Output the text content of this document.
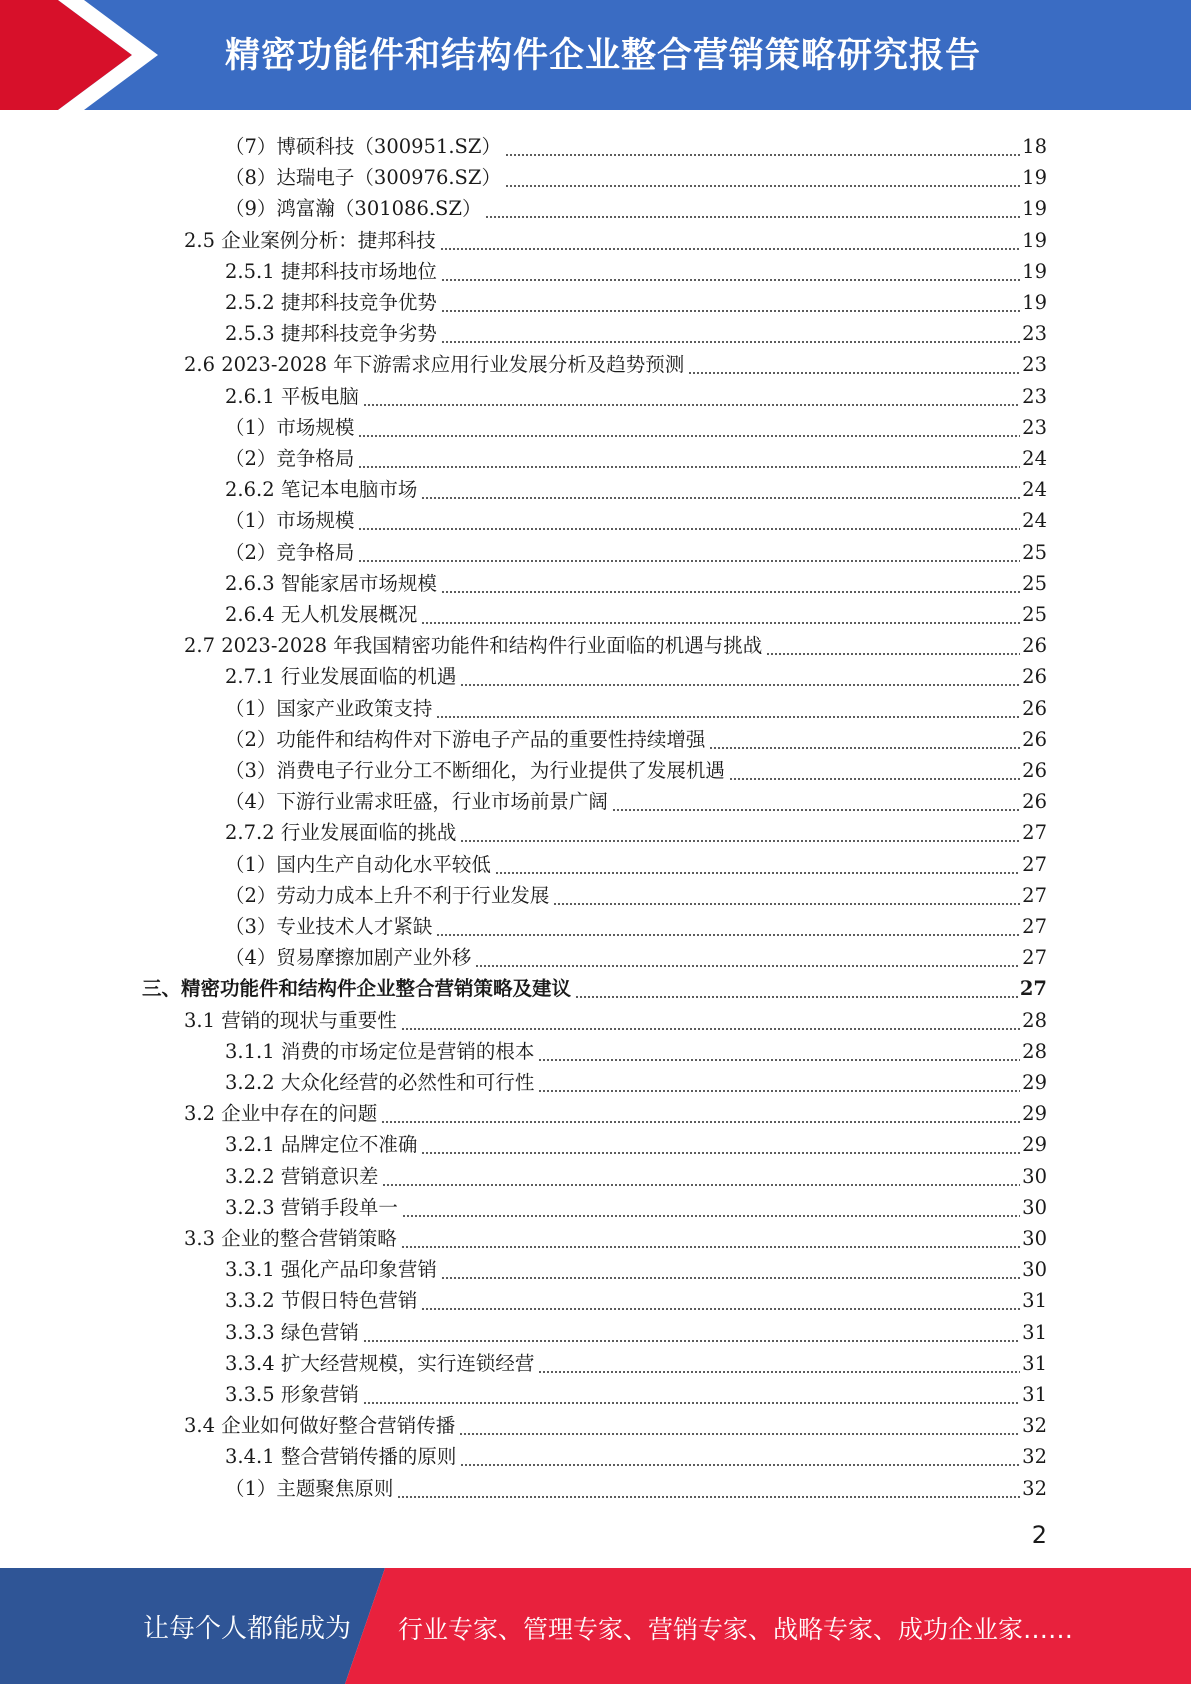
精密功能件和结构件企业整合营销策略研究报告
（7）博硕科技（300951.SZ）	18
（8）达瑞电子（300976.SZ）	19
（9）鸿富瀚（301086.SZ）	19
2.5 企业案例分析：捷邦科技	19
2.5.1 捷邦科技市场地位	19
2.5.2 捷邦科技竞争优势	19
2.5.3 捷邦科技竞争劣势	23
2.6 2023-2028 年下游需求应用行业发展分析及趋势预测	23
2.6.1 平板电脑	23
（1）市场规模	23
（2）竞争格局	24
2.6.2 笔记本电脑市场	24
（1）市场规模	24
（2）竞争格局	25
2.6.3 智能家居市场规模	25
2.6.4 无人机发展概况	25
2.7 2023-2028 年我国精密功能件和结构件行业面临的机遇与挑战	26
2.7.1 行业发展面临的机遇	26
（1）国家产业政策支持	26
（2）功能件和结构件对下游电子产品的重要性持续增强	26
（3）消费电子行业分工不断细化，为行业提供了发展机遇	26
（4）下游行业需求旺盛，行业市场前景广阔	26
2.7.2 行业发展面临的挑战	27
（1）国内生产自动化水平较低	27
（2）劳动力成本上升不利于行业发展	27
（3）专业技术人才紧缺	27
（4）贸易摩擦加剧产业外移	27
三、精密功能件和结构件企业整合营销策略及建议	27
3.1 营销的现状与重要性	28
3.1.1 消费的市场定位是营销的根本	28
3.2.2 大众化经营的必然性和可行性	29
3.2 企业中存在的问题	29
3.2.1 品牌定位不准确	29
3.2.2 营销意识差	30
3.2.3 营销手段单一	30
3.3 企业的整合营销策略	30
3.3.1 强化产品印象营销	30
3.3.2 节假日特色营销	31
3.3.3 绿色营销	31
3.3.4 扩大经营规模，实行连锁经营	31
3.3.5 形象营销	31
3.4 企业如何做好整合营销传播	32
3.4.1 整合营销传播的原则	32
（1）主题聚焦原则	32
2
让每个人都能成为 行业专家、管理专家、营销专家、战略专家、成功企业家……
